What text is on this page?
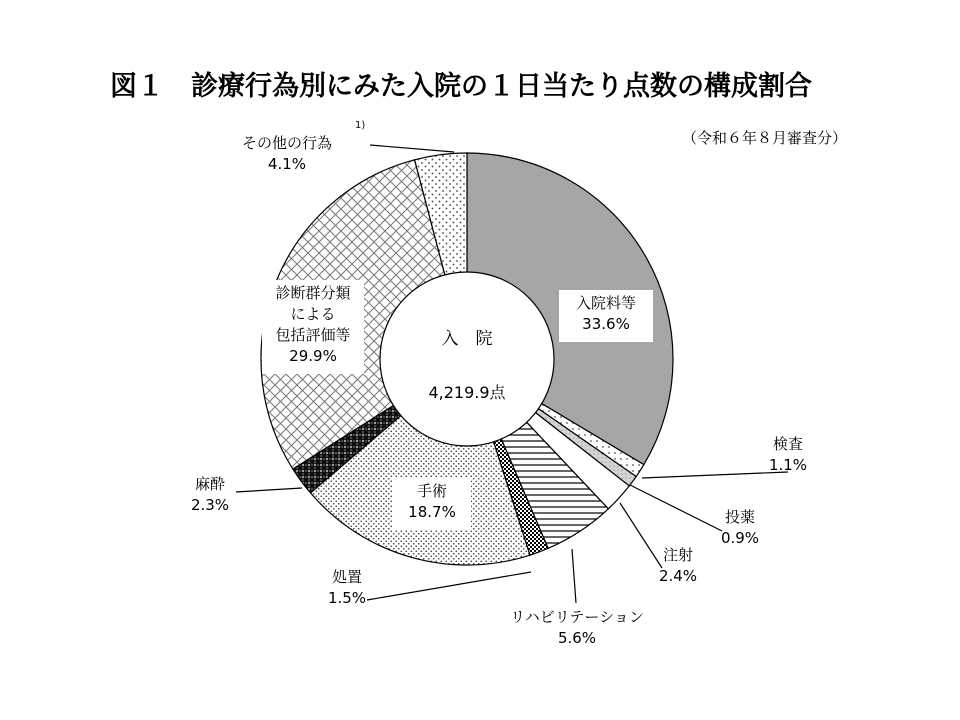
図１　診療行為別にみた入院の１日当たり点数の構成割合
（令和６年８月審査分）
入　院
4,219.9点
入院料等
33.6%
検査
1.1%
投薬
0.9%
注射
2.4%
リハビリテーション
5.6%
処置
1.5%
手術
18.7%
麻酔
2.3%
診断群分類
による
包括評価等
29.9%
その他の行為
4.1%
1)
